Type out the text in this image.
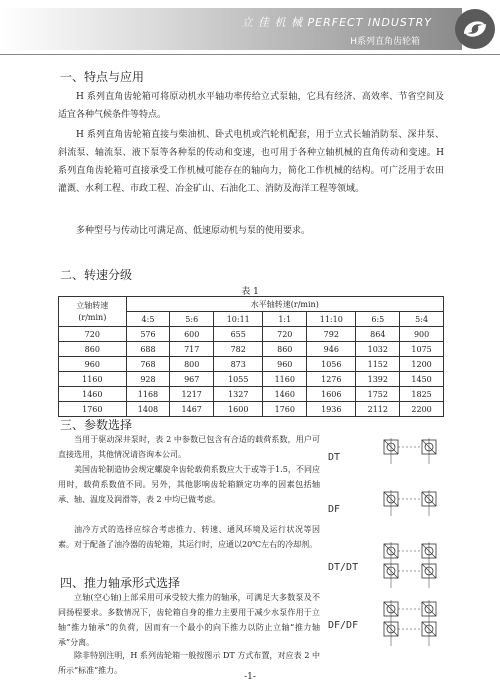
立 佳 机 械 PERFECT INDUSTRY
H系列直角齿轮箱
一、特点与应用

H 系列直角齿轮箱可将原动机水平轴功率传给立式泵轴，它具有经济、高效率、节省空间及适宜各种气候条件等特点。

H 系列直角齿轮箱直接与柴油机、卧式电机或汽轮机配套，用于立式长轴消防泵、深井泵、斜流泵、轴流泵、液下泵等各种泵的传动和变速，也可用于各种立轴机械的直角传动和变速。H 系列直角齿轮箱可直接承受工作机械可能存在的轴向力，简化工作机械的结构。可广泛用于农田灌溉、水利工程、市政工程、冶金矿山、石油化工、消防及海洋工程等领域。

多种型号与传动比可满足高、低速原动机与泵的使用要求。

二、转速分级
表 1
立轴转速
(r/min)	水平轴转速(r/min)						
	4:5	5:6	10:11	1:1	11:10	6:5	5:4
720	576	600	655	720	792	864	900
860	688	717	782	860	946	1032	1075
960	768	800	873	960	1056	1152	1200
1160	928	967	1055	1160	1276	1392	1450
1460	1168	1217	1327	1460	1606	1752	1825
1760	1408	1467	1600	1760	1936	2112	2200
三、参数选择

当用于驱动深井泵时，表 2 中参数已包含有合适的载荷系数，用户可直接选用，其他情况请咨询本公司。

美国齿轮制造协会规定螺旋伞齿轮载荷系数应大于或等于1.5，不同应用时，载荷系数值不同。另外，其他影响齿轮箱额定功率的因素包括轴承、轴、温度及润滑等，表 2 中均已做考虑。

油冷方式的选择应综合考虑推力、转速、通风环境及运行状况等因素。对于配备了油冷器的齿轮箱，其运行时，应通以20℃左右的冷却剂。

四、推力轴承形式选择

立轴(空心轴)上部采用可承受较大推力的轴承，可满足大多数泵及不同扬程要求。多数情况下，齿轮箱自身的推力主要用于减少水泵作用于立轴“推力轴承”的负荷，因而有一个最小的向下推力以防止立轴“推力轴承”分离。

除非特别注明，H 系列齿轮箱一般按图示 DT 方式布置，对应表 2 中所示“标准”推力。

DT
DF
DT/DT
DF/DF
-1-
